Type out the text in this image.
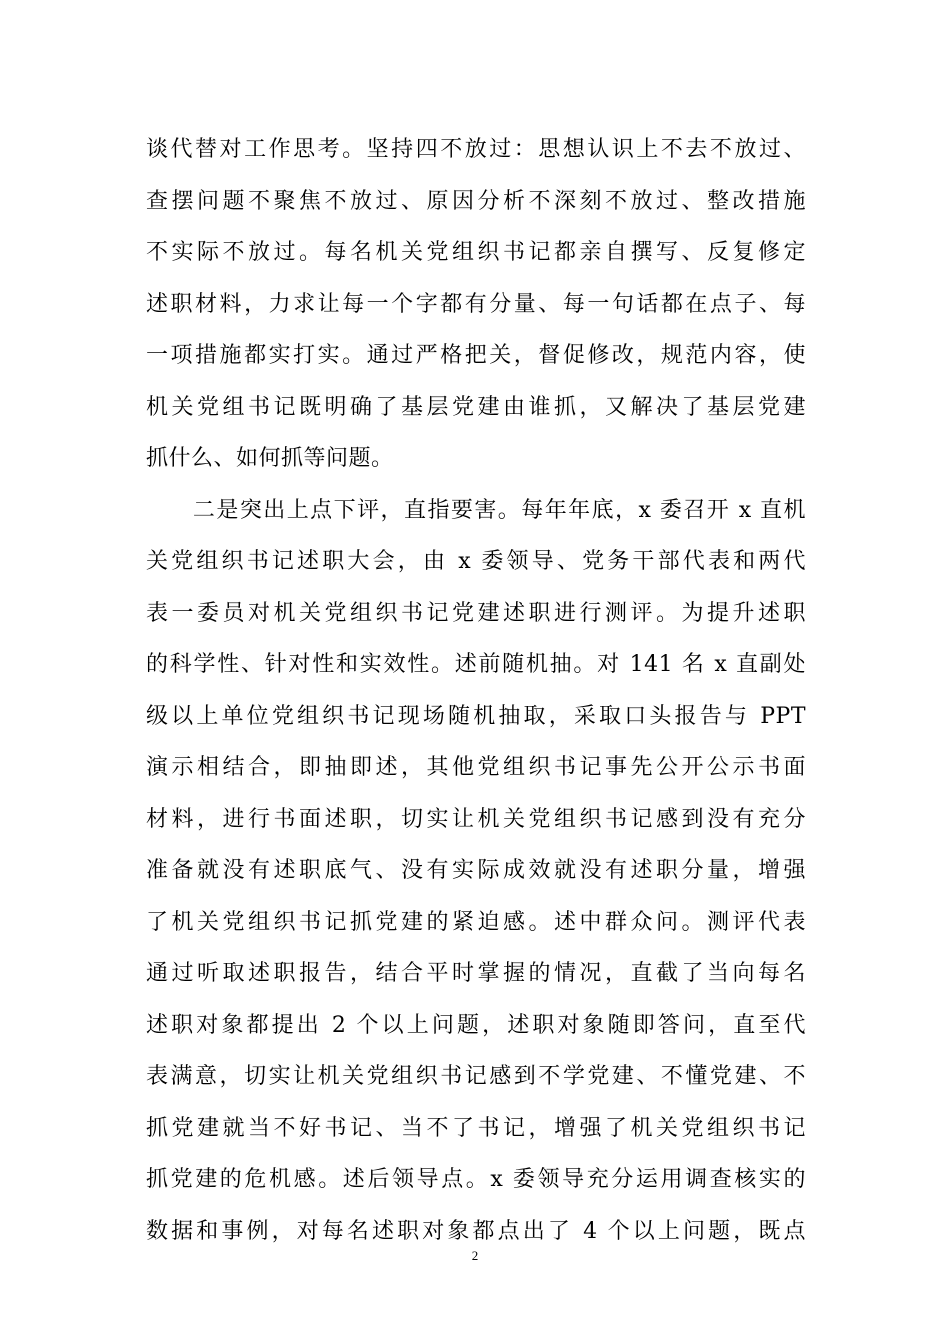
谈代替对工作思考。坚持四不放过：思想认识上不去不放过、
查摆问题不聚焦不放过、原因分析不深刻不放过、整改措施
不实际不放过。每名机关党组织书记都亲自撰写、反复修定
述职材料，力求让每一个字都有分量、每一句话都在点子、每
一项措施都实打实。通过严格把关，督促修改，规范内容，使
机关党组书记既明确了基层党建由谁抓，又解决了基层党建
抓什么、如何抓等问题。
　　二是突出上点下评，直指要害。每年年底，x 委召开 x 直机
关党组织书记述职大会，由 x 委领导、党务干部代表和两代
表一委员对机关党组织书记党建述职进行测评。为提升述职
的科学性、针对性和实效性。述前随机抽。对 141 名 x 直副处
级以上单位党组织书记现场随机抽取，采取口头报告与 PPT
演示相结合，即抽即述，其他党组织书记事先公开公示书面
材料，进行书面述职，切实让机关党组织书记感到没有充分
准备就没有述职底气、没有实际成效就没有述职分量，增强
了机关党组织书记抓党建的紧迫感。述中群众问。测评代表
通过听取述职报告，结合平时掌握的情况，直截了当向每名
述职对象都提出 2 个以上问题，述职对象随即答问，直至代
表满意，切实让机关党组织书记感到不学党建、不懂党建、不
抓党建就当不好书记、当不了书记，增强了机关党组织书记
抓党建的危机感。述后领导点。x 委领导充分运用调查核实的
数据和事例，对每名述职对象都点出了 4 个以上问题，既点
2
